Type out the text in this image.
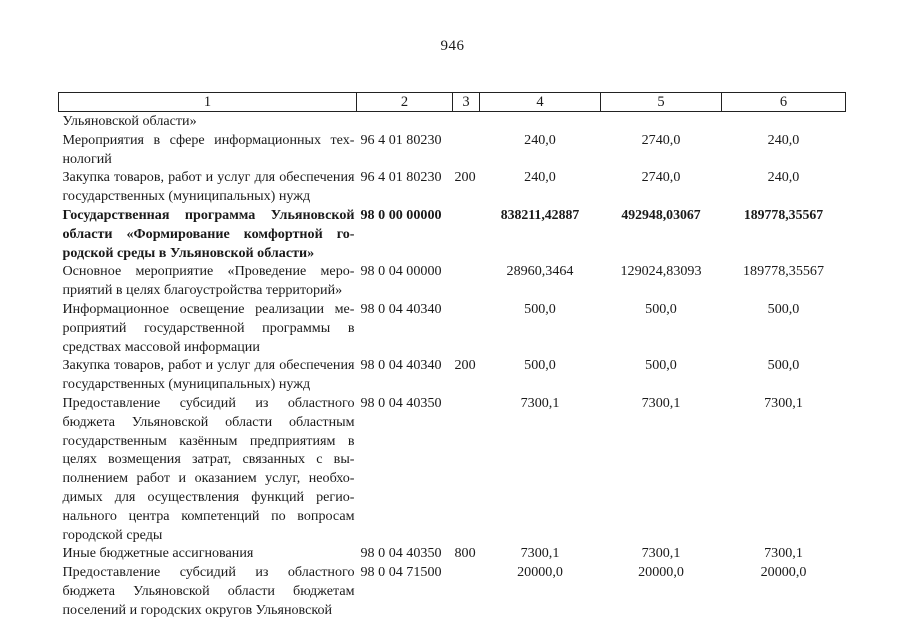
946
1	2	3	4	5	6
Ульяновской области»					
Мероприятия в сфере информационных технологий	96 4 01 80230		240,0	2740,0	240,0
Закупка товаров, работ и услуг для обеспечения государственных (муниципальных) нужд	96 4 01 80230	200	240,0	2740,0	240,0
Государственная программа Ульяновской области «Формирование комфортной городской среды в Ульяновской области»	98 0 00 00000		838211,42887	492948,03067	189778,35567
Основное мероприятие «Проведение мероприятий в целях благоустройства территорий»	98 0 04 00000		28960,3464	129024,83093	189778,35567
Информационное освещение реализации мероприятий государственной программы в средствах массовой информации	98 0 04 40340		500,0	500,0	500,0
Закупка товаров, работ и услуг для обеспечения государственных (муниципальных) нужд	98 0 04 40340	200	500,0	500,0	500,0
Предоставление субсидий из областного бюджета Ульяновской области областным государственным казённым предприятиям в целях возмещения затрат, связанных с выполнением работ и оказанием услуг, необходимых для осуществления функций регионального центра компетенций по вопросам городской среды	98 0 04 40350		7300,1	7300,1	7300,1
Иные бюджетные ассигнования	98 0 04 40350	800	7300,1	7300,1	7300,1
Предоставление субсидий из областного бюджета Ульяновской области бюджетам поселений и городских округов Ульяновской	98 0 04 71500		20000,0	20000,0	20000,0
